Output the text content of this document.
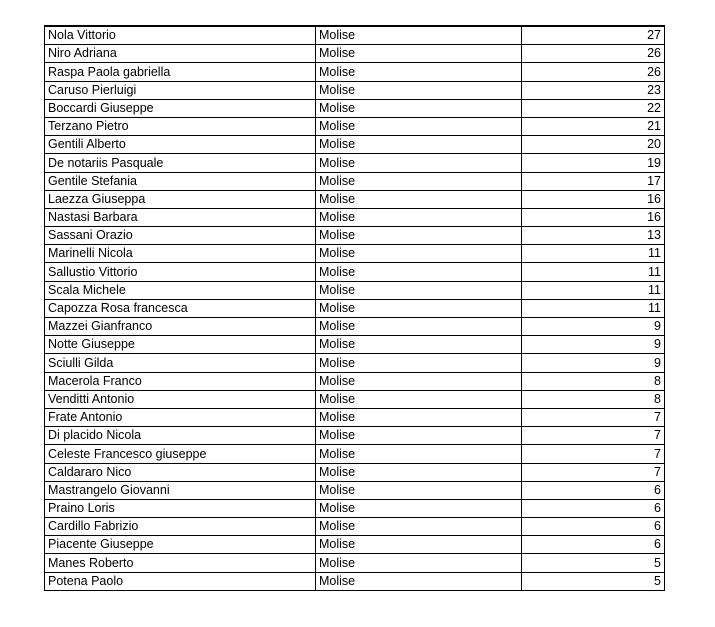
Nola Vittorio	Molise	27
Niro Adriana	Molise	26
Raspa Paola gabriella	Molise	26
Caruso Pierluigi	Molise	23
Boccardi Giuseppe	Molise	22
Terzano Pietro	Molise	21
Gentili Alberto	Molise	20
De notariis Pasquale	Molise	19
Gentile Stefania	Molise	17
Laezza Giuseppa	Molise	16
Nastasi Barbara	Molise	16
Sassani Orazio	Molise	13
Marinelli Nicola	Molise	11
Sallustio Vittorio	Molise	11
Scala Michele	Molise	11
Capozza Rosa francesca	Molise	11
Mazzei Gianfranco	Molise	9
Notte Giuseppe	Molise	9
Sciulli Gilda	Molise	9
Macerola Franco	Molise	8
Venditti Antonio	Molise	8
Frate Antonio	Molise	7
Di placido Nicola	Molise	7
Celeste Francesco giuseppe	Molise	7
Caldararo Nico	Molise	7
Mastrangelo Giovanni	Molise	6
Praino Loris	Molise	6
Cardillo Fabrizio	Molise	6
Piacente Giuseppe	Molise	6
Manes Roberto	Molise	5
Potena Paolo	Molise	5
